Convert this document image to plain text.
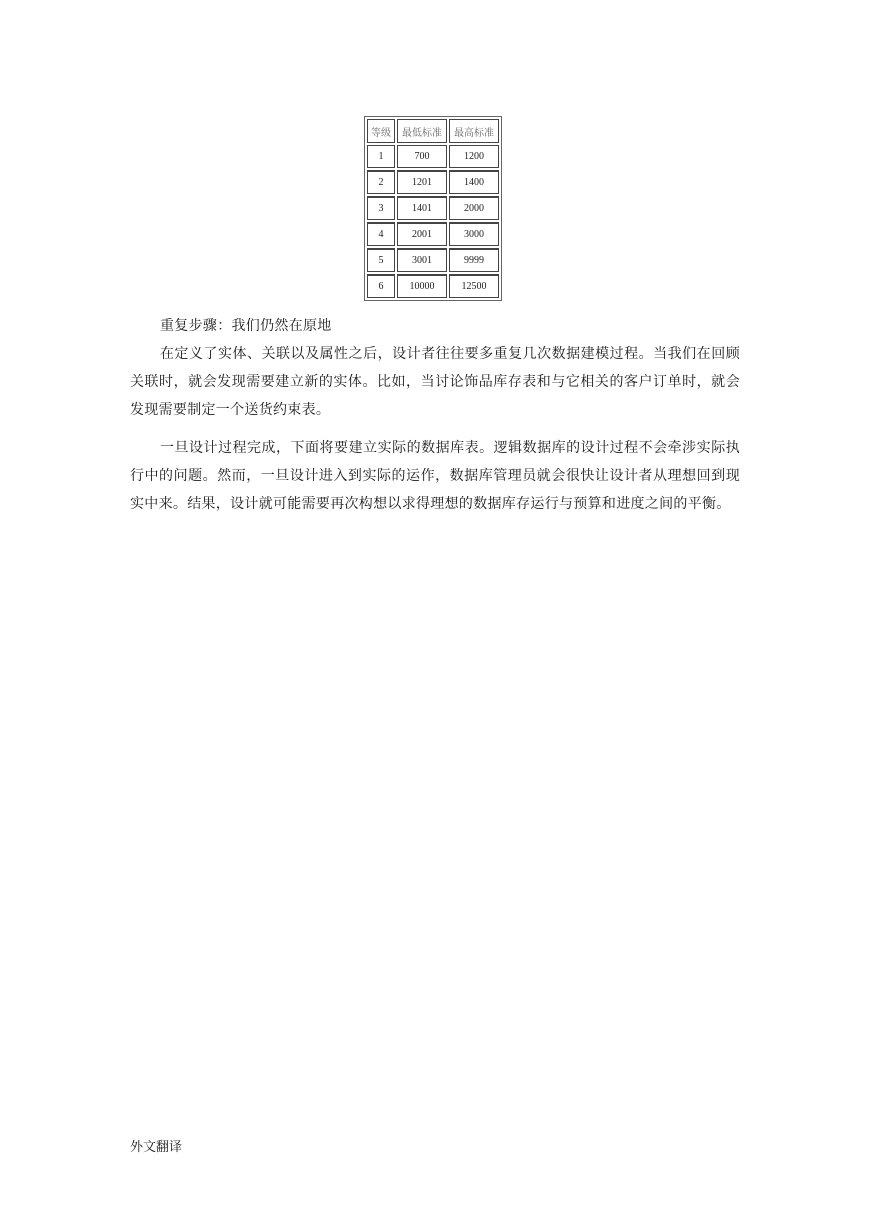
等级	最低标准	最高标准
1	700	1200
2	1201	1400
3	1401	2000
4	2001	3000
5	3001	9999
6	10000	12500

重复步骤：我们仍然在原地

在定义了实体、关联以及属性之后，设计者往往要多重复几次数据建模过程。当我们在回顾关联时，就会发现需要建立新的实体。比如，当讨论饰品库存表和与它相关的客户订单时，就会发现需要制定一个送货约束表。

一旦设计过程完成，下面将要建立实际的数据库表。逻辑数据库的设计过程不会牵涉实际执行中的问题。然而，一旦设计进入到实际的运作，数据库管理员就会很快让设计者从理想回到现实中来。结果，设计就可能需要再次构想以求得理想的数据库存运行与预算和进度之间的平衡。

外文翻译
